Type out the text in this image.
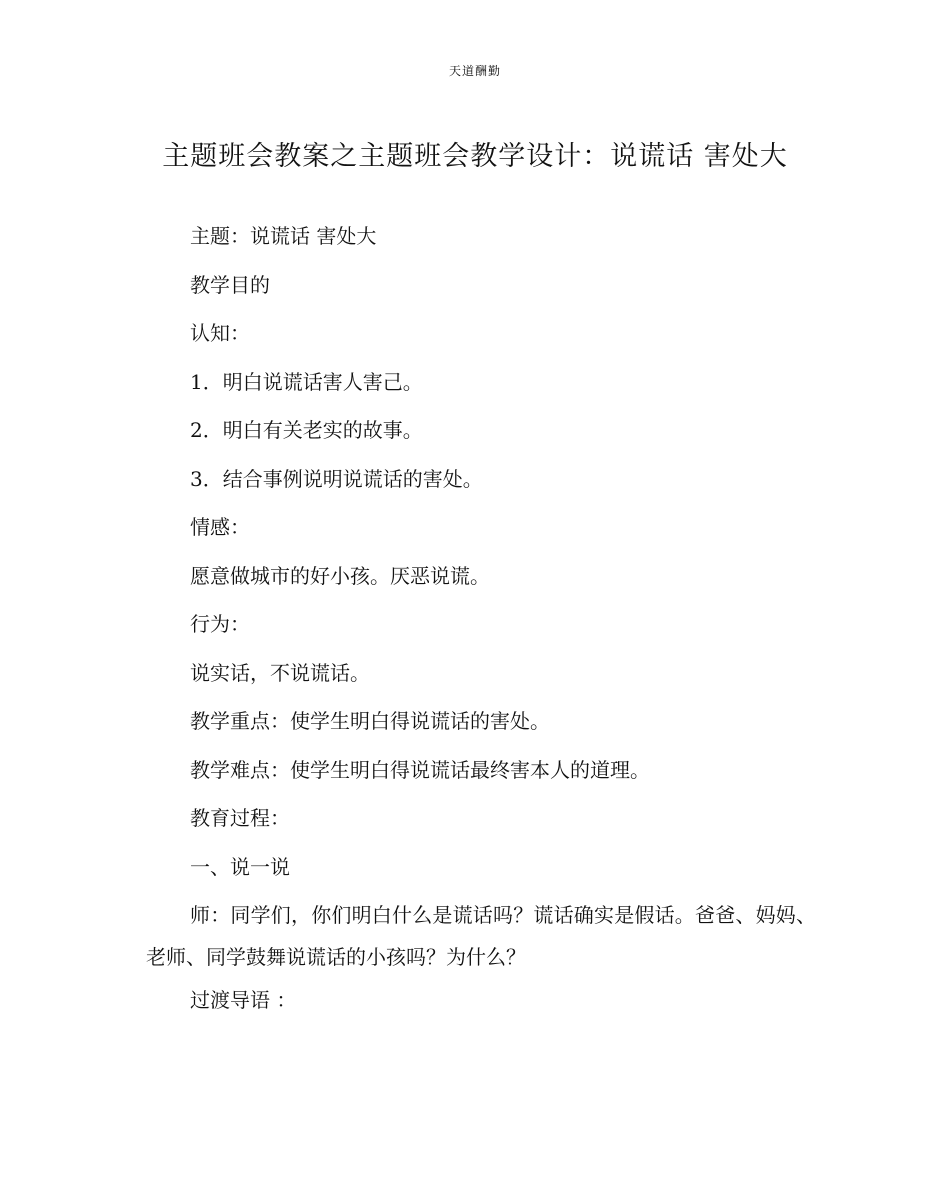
天道酬勤
主题班会教案之主题班会教学设计：说谎话 害处大

主题：说谎话 害处大

教学目的

认知：

1．明白说谎话害人害己。

2．明白有关老实的故事。

3．结合事例说明说谎话的害处。

情感：

愿意做城市的好小孩。厌恶说谎。

行为：

说实话，不说谎话。

教学重点：使学生明白得说谎话的害处。

教学难点：使学生明白得说谎话最终害本人的道理。

教育过程：

一、说一说

师：同学们，你们明白什么是谎话吗？谎话确实是假话。爸爸、妈妈、老师、同学鼓舞说谎话的小孩吗？为什么？

过渡导语 ：
